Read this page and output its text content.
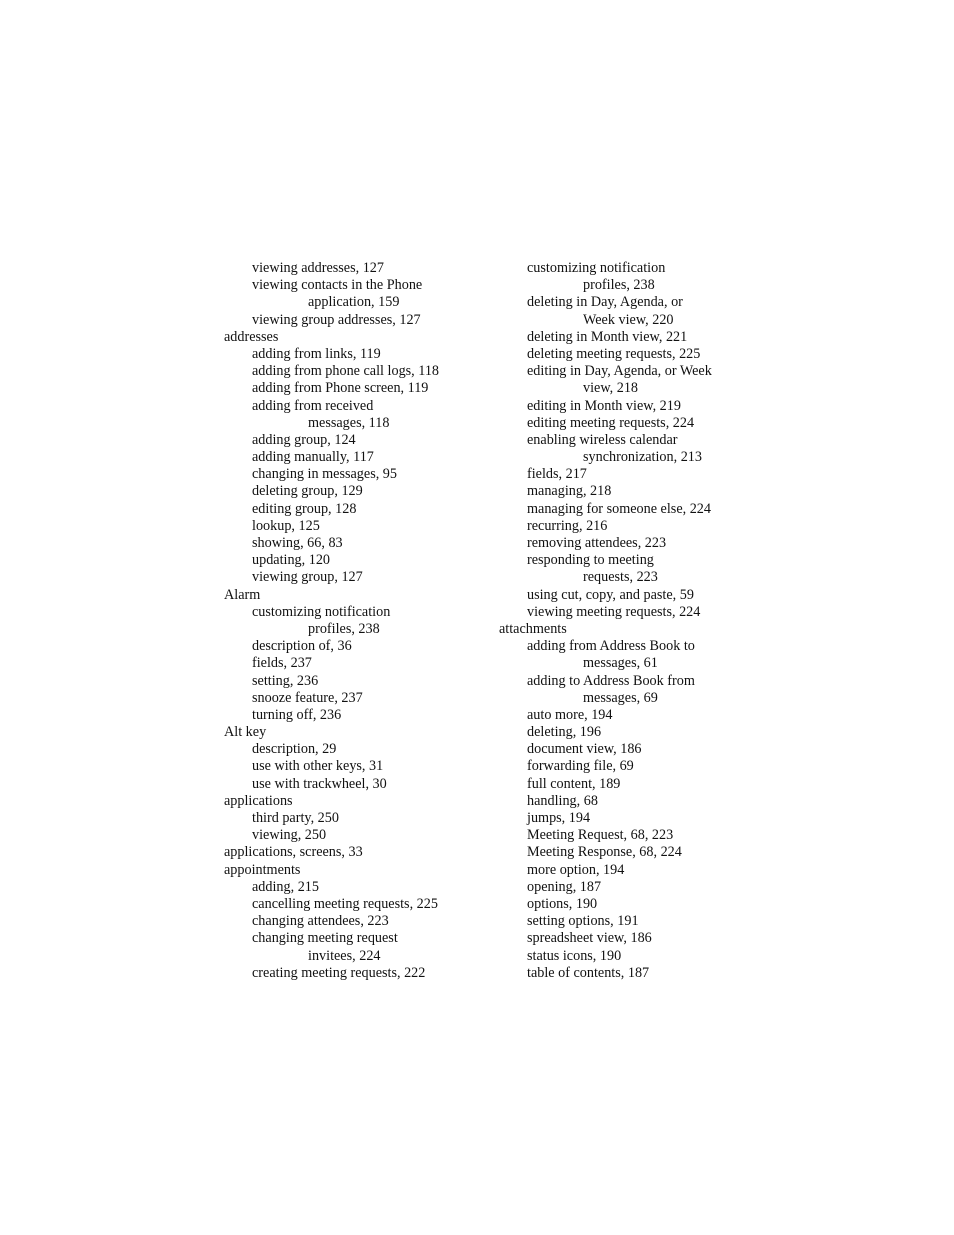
viewing addresses, 127
viewing contacts in the Phone
application, 159
viewing group addresses, 127
addresses
adding from links, 119
adding from phone call logs, 118
adding from Phone screen, 119
adding from received
messages, 118
adding group, 124
adding manually, 117
changing in messages, 95
deleting group, 129
editing group, 128
lookup, 125
showing, 66, 83
updating, 120
viewing group, 127
Alarm
customizing notification
profiles, 238
description of, 36
fields, 237
setting, 236
snooze feature, 237
turning off, 236
Alt key
description, 29
use with other keys, 31
use with trackwheel, 30
applications
third party, 250
viewing, 250
applications, screens, 33
appointments
adding, 215
cancelling meeting requests, 225
changing attendees, 223
changing meeting request
invitees, 224
creating meeting requests, 222
customizing notification
profiles, 238
deleting in Day, Agenda, or
Week view, 220
deleting in Month view, 221
deleting meeting requests, 225
editing in Day, Agenda, or Week
view, 218
editing in Month view, 219
editing meeting requests, 224
enabling wireless calendar
synchronization, 213
fields, 217
managing, 218
managing for someone else, 224
recurring, 216
removing attendees, 223
responding to meeting
requests, 223
using cut, copy, and paste, 59
viewing meeting requests, 224
attachments
adding from Address Book to
messages, 61
adding to Address Book from
messages, 69
auto more, 194
deleting, 196
document view, 186
forwarding file, 69
full content, 189
handling, 68
jumps, 194
Meeting Request, 68, 223
Meeting Response, 68, 224
more option, 194
opening, 187
options, 190
setting options, 191
spreadsheet view, 186
status icons, 190
table of contents, 187
